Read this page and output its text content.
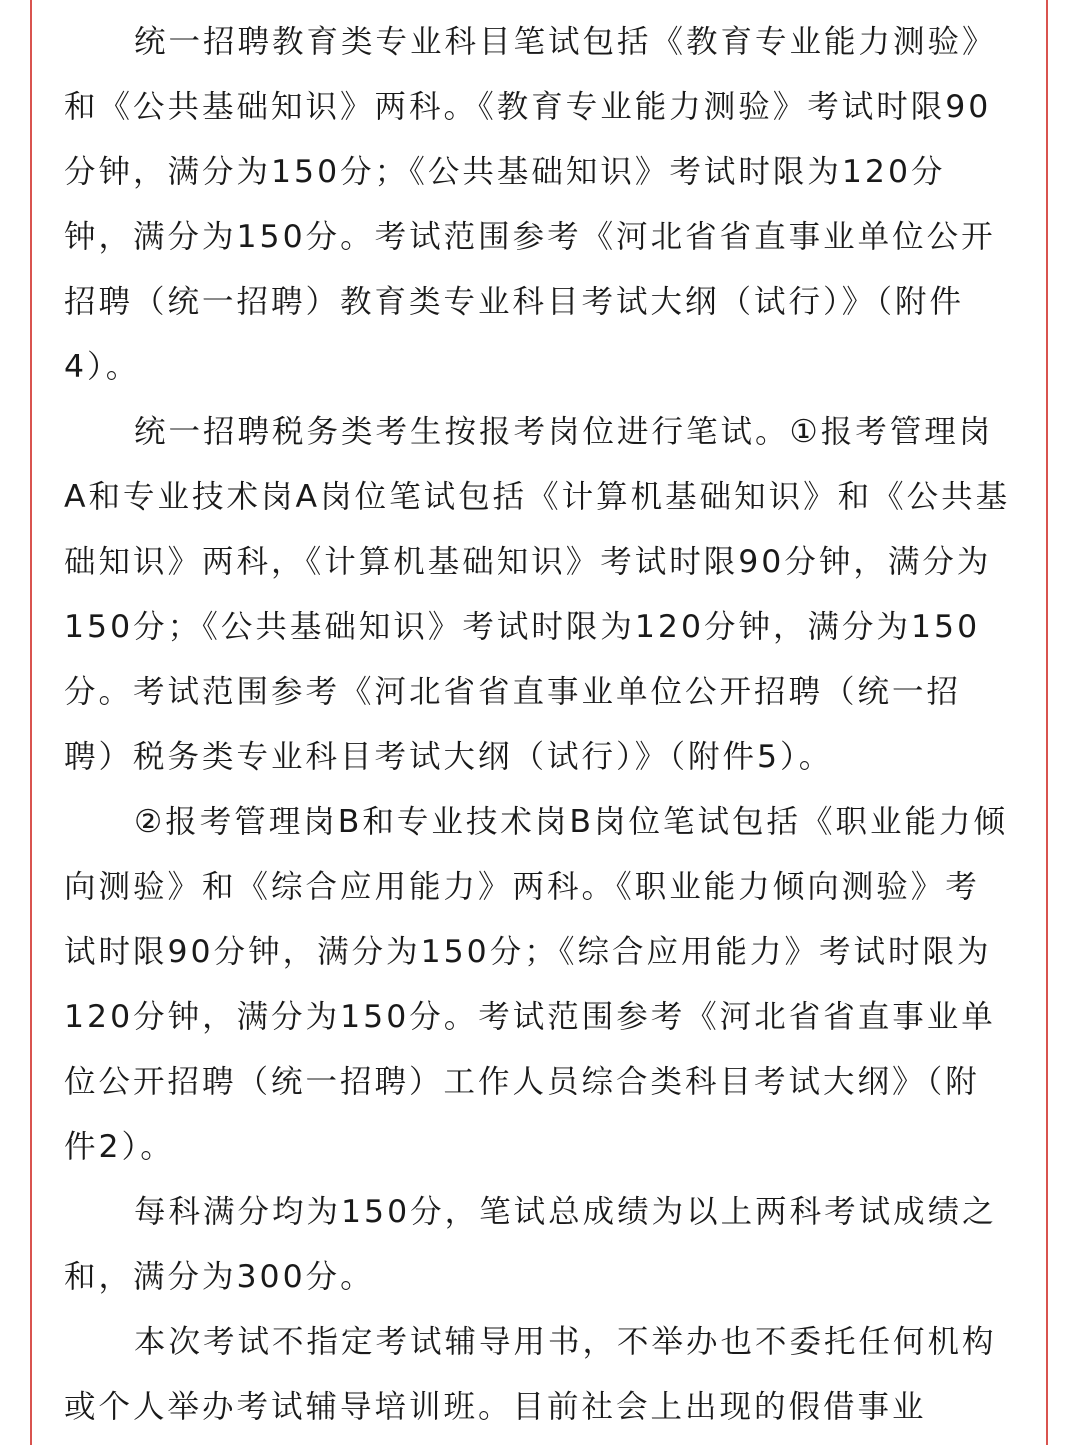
统一招聘教育类专业科目笔试包括《教育专业能力测验》和《公共基础知识》两科。《教育专业能力测验》考试时限90分钟，满分为150分；《公共基础知识》考试时限为120分钟，满分为150分。考试范围参考《河北省省直事业单位公开招聘（统一招聘）教育类专业科目考试大纲（试行）》（附件4）。

统一招聘税务类考生按报考岗位进行笔试。①报考管理岗A和专业技术岗A岗位笔试包括《计算机基础知识》和《公共基础知识》两科，《计算机基础知识》考试时限90分钟，满分为150分；《公共基础知识》考试时限为120分钟，满分为150分。考试范围参考《河北省省直事业单位公开招聘（统一招聘）税务类专业科目考试大纲（试行）》（附件5）。

②报考管理岗B和专业技术岗B岗位笔试包括《职业能力倾向测验》和《综合应用能力》两科。《职业能力倾向测验》考试时限90分钟，满分为150分；《综合应用能力》考试时限为120分钟，满分为150分。考试范围参考《河北省省直事业单位公开招聘（统一招聘）工作人员综合类科目考试大纲》（附件2）。

每科满分均为150分，笔试总成绩为以上两科考试成绩之和，满分为300分。

本次考试不指定考试辅导用书，不举办也不委托任何机构或个人举办考试辅导培训班。目前社会上出现的假借事业
